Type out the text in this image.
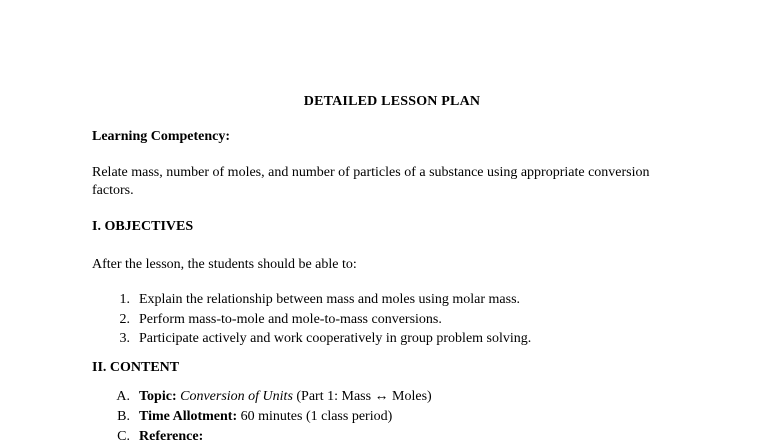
DETAILED LESSON PLAN
Learning Competency:
Relate mass, number of moles, and number of particles of a substance using appropriate conversion factors.
I. OBJECTIVES
After the lesson, the students should be able to:
1. Explain the relationship between mass and moles using molar mass.
2. Perform mass-to-mole and mole-to-mass conversions.
3. Participate actively and work cooperatively in group problem solving.
II. CONTENT
A. Topic: Conversion of Units (Part 1: Mass ↔ Moles)
B. Time Allotment: 60 minutes (1 class period)
C. Reference:
